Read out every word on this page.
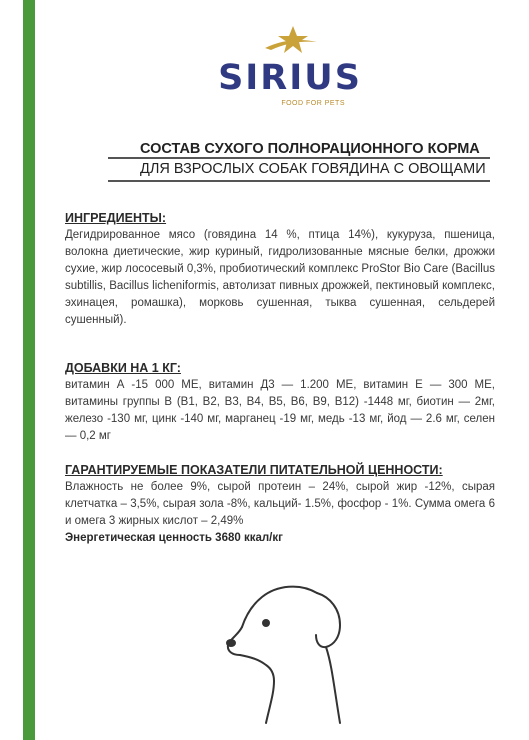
SIRIUS
FOOD FOR PETS
СОСТАВ СУХОГО ПОЛНОРАЦИОННОГО КОРМА
ДЛЯ ВЗРОСЛЫХ СОБАК ГОВЯДИНА С ОВОЩАМИ

ИНГРЕДИЕНТЫ:

Дегидрированное мясо (говядина 14 %, птица 14%), кукуруза, пшеница, волокна диетические, жир куриный, гидролизованные мясные белки, дрожжи сухие, жир лососевый 0,3%, пробиотический комплекс ProStor Bio Care (Bacillus subtillis, Bacillus licheniformis, автолизат пивных дрожжей, пектиновый комплекс, эхинацея, ромашка), морковь сушенная, тыква сушенная, сельдерей сушенный).

ДОБАВКИ НА 1 КГ:

витамин А -15 000 МЕ, витамин Д3 — 1.200 МЕ, витамин Е — 300 МЕ, витамины группы В (В1, В2, В3, В4, В5, В6, В9, В12) -1448 мг, биотин — 2мг, железо -130 мг, цинк -140 мг, марганец -19 мг, медь -13 мг, йод — 2.6 мг, селен — 0,2 мг

ГАРАНТИРУЕМЫЕ ПОКАЗАТЕЛИ ПИТАТЕЛЬНОЙ ЦЕННОСТИ:

Влажность не более 9%, сырой протеин – 24%, сырой жир -12%, сырая клетчатка – 3,5%, сырая зола -8%, кальций- 1.5%, фосфор - 1%. Сумма омега 6 и омега 3 жирных кислот – 2,49%

Энергетическая ценность 3680 ккал/кг
